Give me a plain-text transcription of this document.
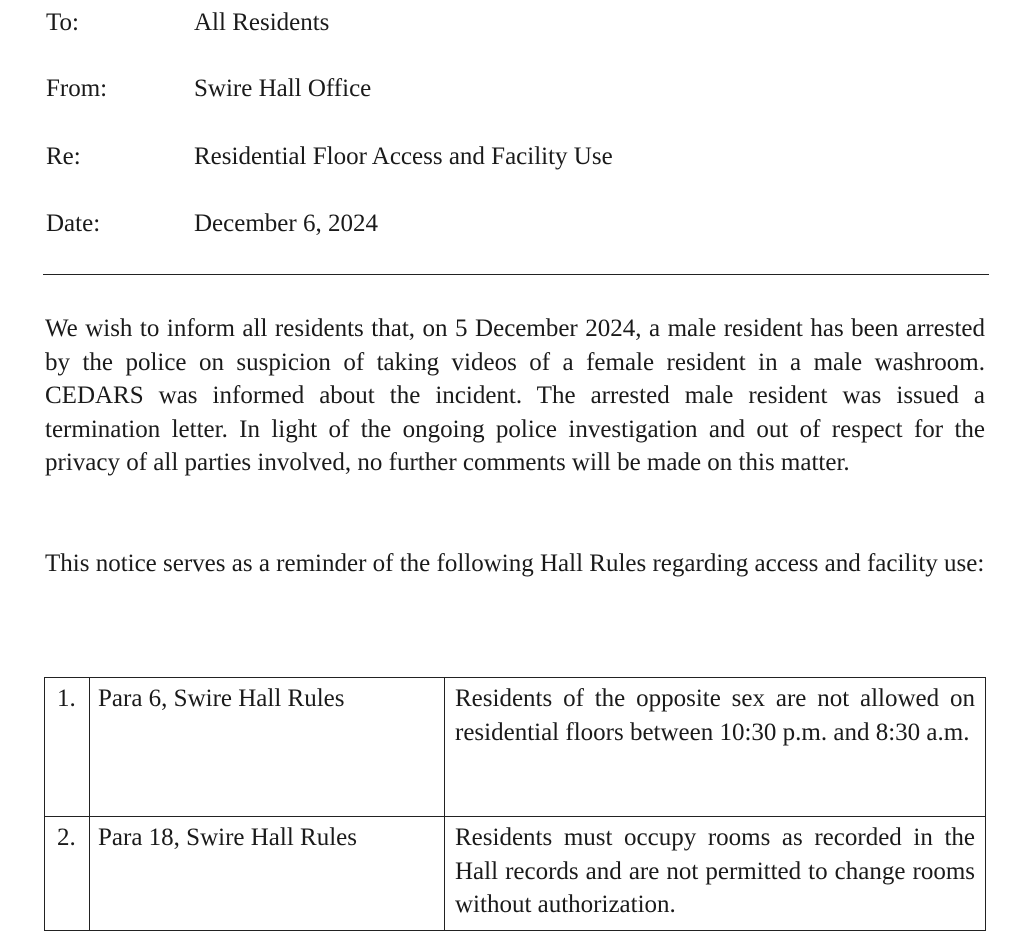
To:	All Residents
From:	Swire Hall Office
Re:	Residential Floor Access and Facility Use
Date:	December 6, 2024

We wish to inform all residents that, on 5 December 2024, a male resident has been arrested by the police on suspicion of taking videos of a female resident in a male washroom. CEDARS was informed about the incident. The arrested male resident was issued a termination letter. In light of the ongoing police investigation and out of respect for the privacy of all parties involved, no further comments will be made on this matter.

This notice serves as a reminder of the following Hall Rules regarding access and facility use:

1.	Para 6, Swire Hall Rules	Residents of the opposite sex are not allowed on residential floors between 10:30 p.m. and 8:30 a.m.
2.	Para 18, Swire Hall Rules	Residents must occupy rooms as recorded in the Hall records and are not permitted to change rooms without authorization.
